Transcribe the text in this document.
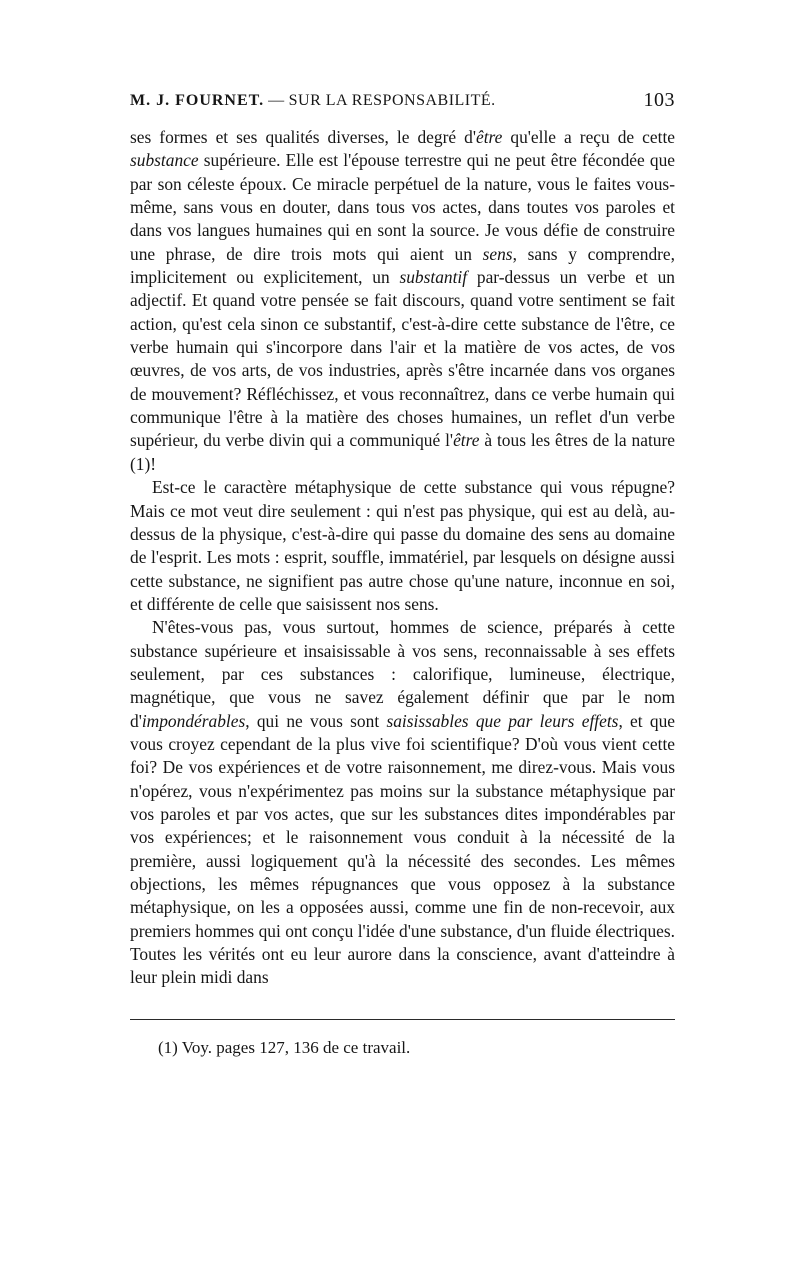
M. J. FOURNET. — SUR LA RESPONSABILITÉ.	103

ses formes et ses qualités diverses, le degré d'être qu'elle a reçu de cette substance supérieure. Elle est l'épouse terrestre qui ne peut être fécondée que par son céleste époux. Ce miracle perpétuel de la nature, vous le faites vous-même, sans vous en douter, dans tous vos actes, dans toutes vos paroles et dans vos langues humaines qui en sont la source. Je vous défie de construire une phrase, de dire trois mots qui aient un sens, sans y comprendre, implicitement ou explicitement, un substantif par-dessus un verbe et un adjectif. Et quand votre pensée se fait discours, quand votre sentiment se fait action, qu'est cela sinon ce substantif, c'est-à-dire cette substance de l'être, ce verbe humain qui s'incorpore dans l'air et la matière de vos actes, de vos œuvres, de vos arts, de vos industries, après s'être incarnée dans vos organes de mouvement? Réfléchissez, et vous reconnaîtrez, dans ce verbe humain qui communique l'être à la matière des choses humaines, un reflet d'un verbe supérieur, du verbe divin qui a communiqué l'être à tous les êtres de la nature (1)!

Est-ce le caractère métaphysique de cette substance qui vous répugne? Mais ce mot veut dire seulement : qui n'est pas physique, qui est au delà, au-dessus de la physique, c'est-à-dire qui passe du domaine des sens au domaine de l'esprit. Les mots : esprit, souffle, immatériel, par lesquels on désigne aussi cette substance, ne signifient pas autre chose qu'une nature, inconnue en soi, et différente de celle que saisissent nos sens.

N'êtes-vous pas, vous surtout, hommes de science, préparés à cette substance supérieure et insaisissable à vos sens, reconnaissable à ses effets seulement, par ces substances : calorifique, lumineuse, électrique, magnétique, que vous ne savez également définir que par le nom d'impondérables, qui ne vous sont saisissables que par leurs effets, et que vous croyez cependant de la plus vive foi scientifique? D'où vous vient cette foi? De vos expériences et de votre raisonnement, me direz-vous. Mais vous n'opérez, vous n'expérimentez pas moins sur la substance métaphysique par vos paroles et par vos actes, que sur les substances dites impondérables par vos expériences; et le raisonnement vous conduit à la nécessité de la première, aussi logiquement qu'à la nécessité des secondes. Les mêmes objections, les mêmes répugnances que vous opposez à la substance métaphysique, on les a opposées aussi, comme une fin de non-recevoir, aux premiers hommes qui ont conçu l'idée d'une substance, d'un fluide électriques. Toutes les vérités ont eu leur aurore dans la conscience, avant d'atteindre à leur plein midi dans

(1) Voy. pages 127, 136 de ce travail.
